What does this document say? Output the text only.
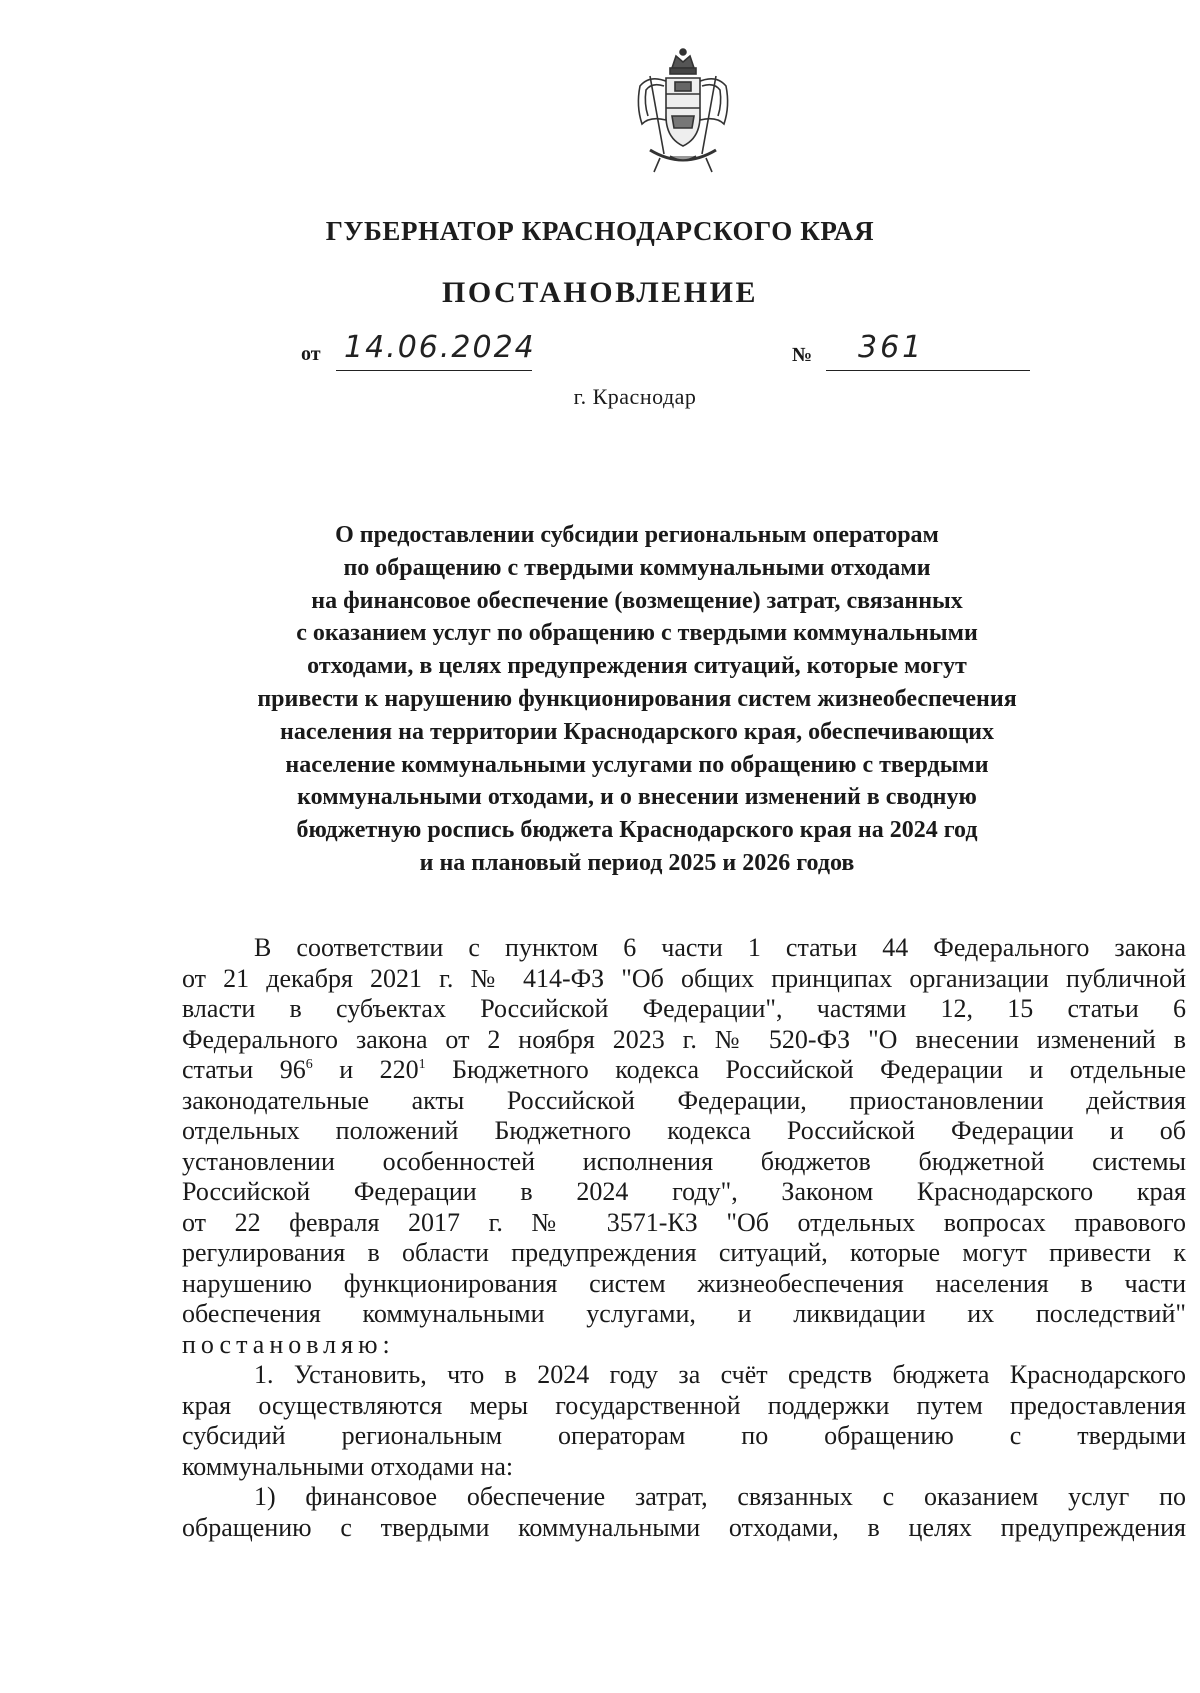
ГУБЕРНАТОР КРАСНОДАРСКОГО КРАЯ
ПОСТАНОВЛЕНИЕ
от 14.06.2024	№ 361
г. Краснодар
О предоставлении субсидии региональным операторам
по обращению с твердыми коммунальными отходами
на финансовое обеспечение (возмещение) затрат, связанных
с оказанием услуг по обращению с твердыми коммунальными
отходами, в целях предупреждения ситуаций, которые могут
привести к нарушению функционирования систем жизнеобеспечения
населения на территории Краснодарского края, обеспечивающих
население коммунальными услугами по обращению с твердыми
коммунальными отходами, и о внесении изменений в сводную
бюджетную роспись бюджета Краснодарского края на 2024 год
и на плановый период 2025 и 2026 годов
В соответствии с пунктом 6 части 1 статьи 44 Федерального закона
от 21 декабря 2021 г. № 414-ФЗ "Об общих принципах организации публичной
власти в субъектах Российской Федерации", частями 12, 15 статьи 6
Федерального закона от 2 ноября 2023 г. № 520-ФЗ "О внесении изменений в
статьи $96^6$ и $220^1$ Бюджетного кодекса Российской Федерации и отдельные
законодательные акты Российской Федерации, приостановлении действия
отдельных положений Бюджетного кодекса Российской Федерации и об
установлении особенностей исполнения бюджетов бюджетной системы
Российской Федерации в 2024 году", Законом Краснодарского края
от 22 февраля 2017 г. № 3571-КЗ "Об отдельных вопросах правового
регулирования в области предупреждения ситуаций, которые могут привести к
нарушению функционирования систем жизнеобеспечения населения в части
обеспечения коммунальными услугами, и ликвидации их последствий"
постановляю:
1. Установить, что в 2024 году за счёт средств бюджета Краснодарского
края осуществляются меры государственной поддержки путем предоставления
субсидий региональным операторам по обращению с твердыми
коммунальными отходами на:
1) финансовое обеспечение затрат, связанных с оказанием услуг по
обращению с твердыми коммунальными отходами, в целях предупреждения
